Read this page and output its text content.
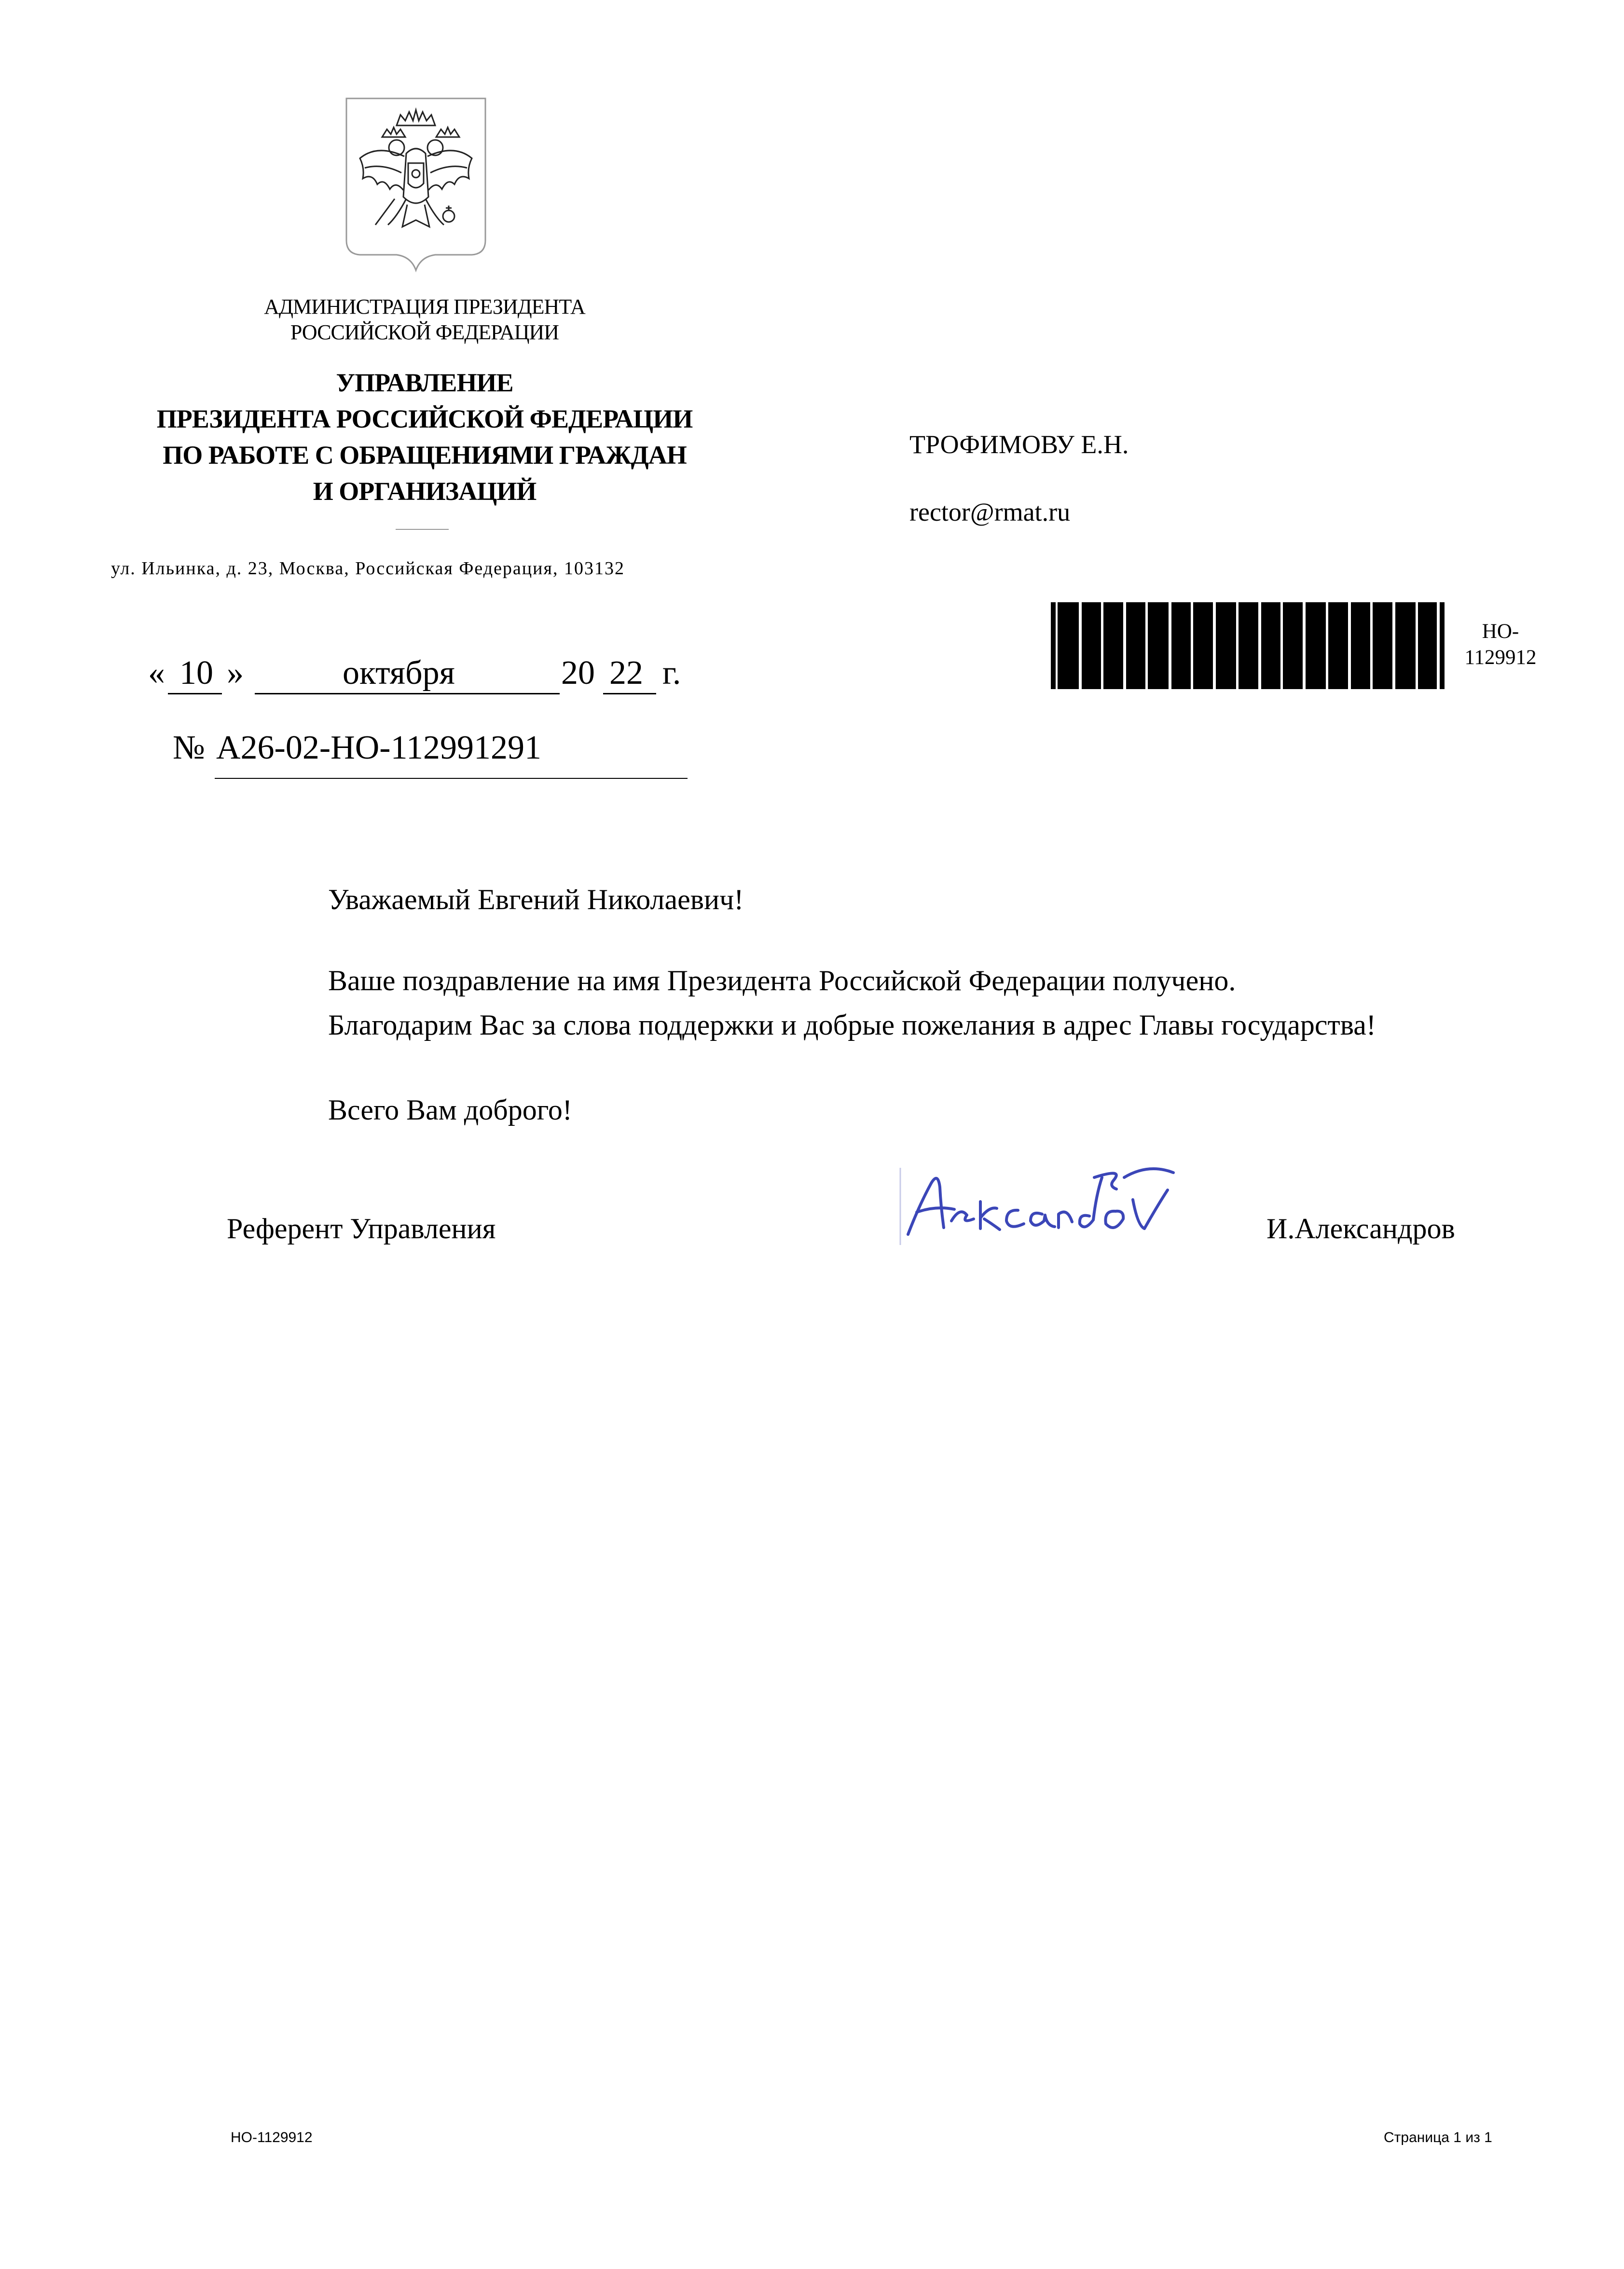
АДМИНИСТРАЦИЯ ПРЕЗИДЕНТА
РОССИЙСКОЙ ФЕДЕРАЦИИ
УПРАВЛЕНИЕ
ПРЕЗИДЕНТА РОССИЙСКОЙ ФЕДЕРАЦИИ
ПО РАБОТЕ С ОБРАЩЕНИЯМИ ГРАЖДАН
И ОРГАНИЗАЦИЙ
ул. Ильинка, д. 23, Москва, Российская Федерация, 103132
ТРОФИМОВУ Е.Н.
rector@rmat.ru
НО-
1129912
« 10 »	октября	20 22 г.
№ А26-02-НО-112991291
Уважаемый Евгений Николаевич!
Ваше поздравление на имя Президента Российской Федерации получено.
Благодарим Вас за слова поддержки и добрые пожелания в адрес Главы государства!
Всего Вам доброго!
Референт Управления	И.Александров
НО-1129912	Страница 1 из 1
